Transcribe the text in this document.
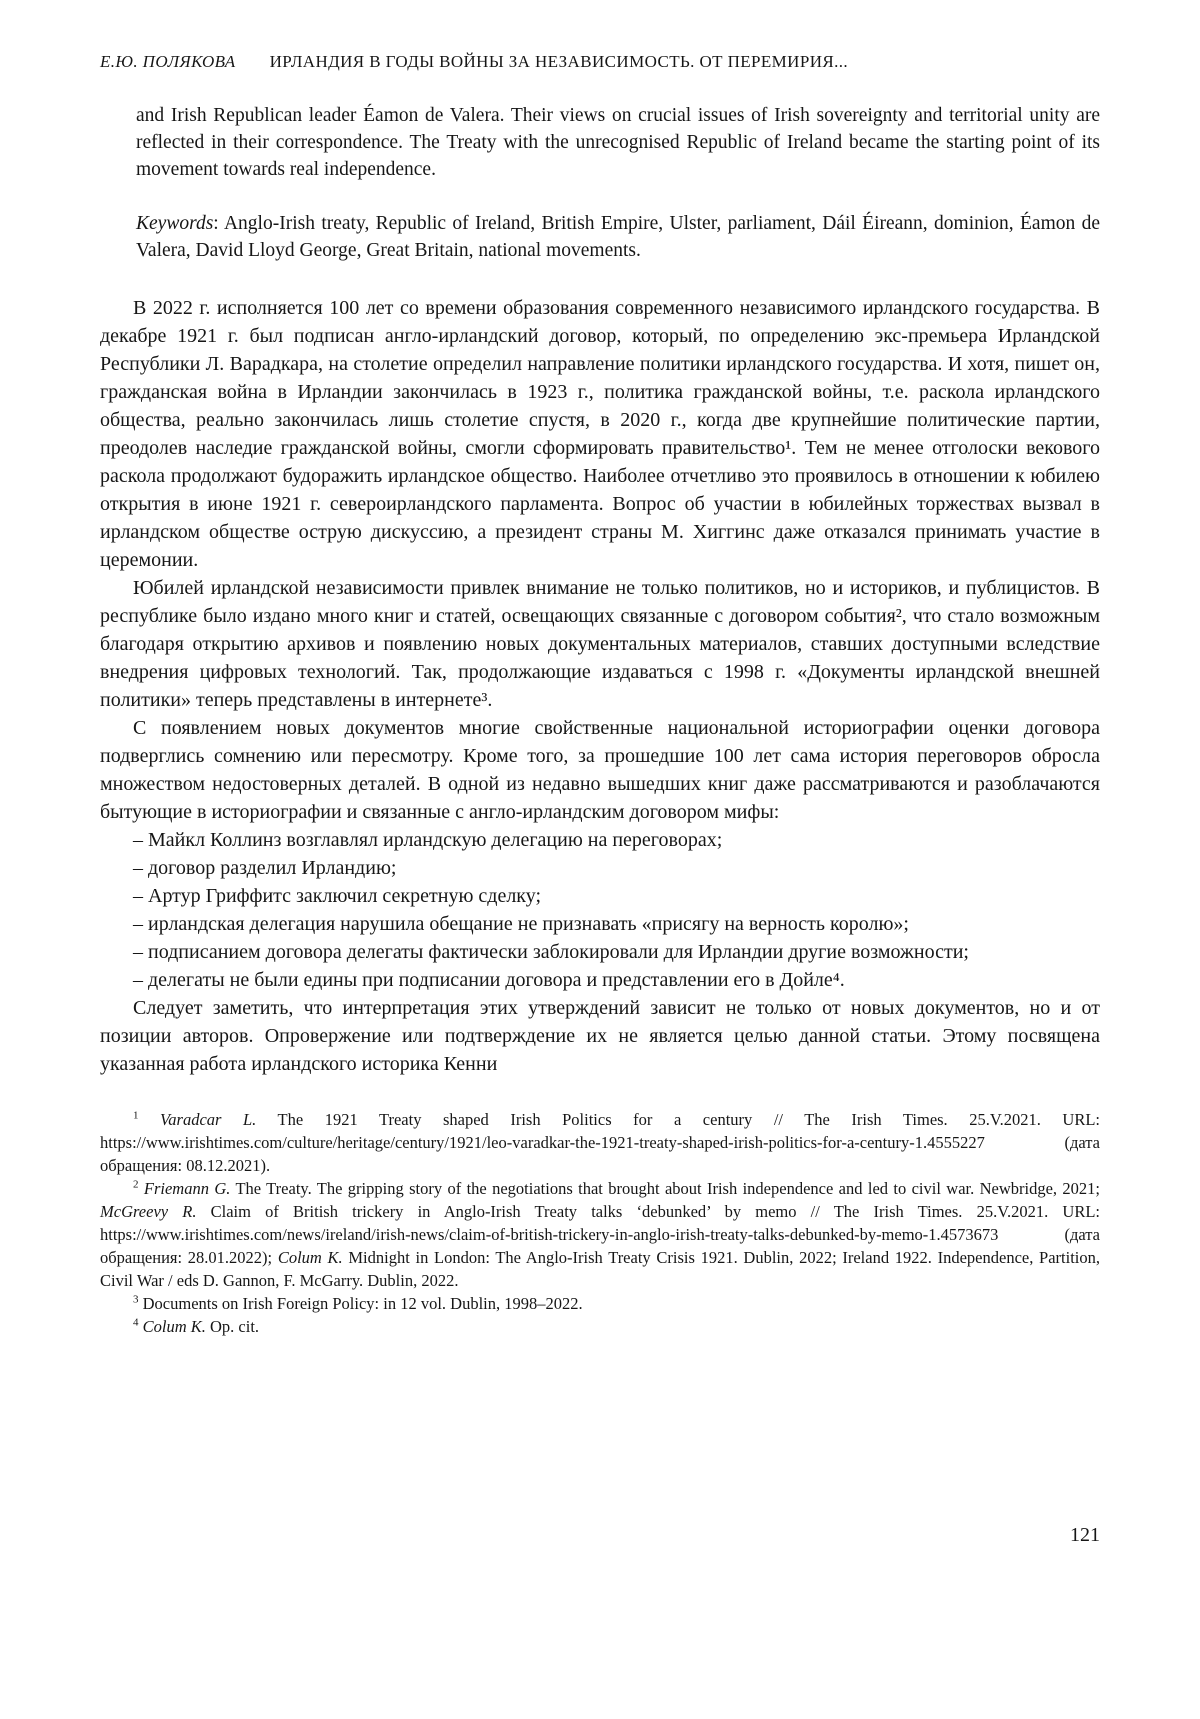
Е.Ю. ПОЛЯКОВА ИРЛАНДИЯ В ГОДЫ ВОЙНЫ ЗА НЕЗАВИСИМОСТЬ. ОТ ПЕРЕМИРИЯ...

and Irish Republican leader Éamon de Valera. Their views on crucial issues of Irish sovereignty and territorial unity are reflected in their correspondence. The Treaty with the unrecognised Republic of Ireland became the starting point of its movement towards real independence.

Keywords: Anglo-Irish treaty, Republic of Ireland, British Empire, Ulster, parliament, Dáil Éireann, dominion, Éamon de Valera, David Lloyd George, Great Britain, national movements.

В 2022 г. исполняется 100 лет со времени образования современного независимого ирландского государства. В декабре 1921 г. был подписан англо-ирландский договор, который, по определению экс-премьера Ирландской Республики Л. Варадкара, на столетие определил направление политики ирландского государства. И хотя, пишет он, гражданская война в Ирландии закончилась в 1923 г., политика гражданской войны, т.е. раскола ирландского общества, реально закончилась лишь столетие спустя, в 2020 г., когда две крупнейшие политические партии, преодолев наследие гражданской войны, смогли сформировать правительство¹. Тем не менее отголоски векового раскола продолжают будоражить ирландское общество. Наиболее отчетливо это проявилось в отношении к юбилею открытия в июне 1921 г. североирландского парламента. Вопрос об участии в юбилейных торжествах вызвал в ирландском обществе острую дискуссию, а президент страны М. Хиггинс даже отказался принимать участие в церемонии.

Юбилей ирландской независимости привлек внимание не только политиков, но и историков, и публицистов. В республике было издано много книг и статей, освещающих связанные с договором события², что стало возможным благодаря открытию архивов и появлению новых документальных материалов, ставших доступными вследствие внедрения цифровых технологий. Так, продолжающие издаваться с 1998 г. «Документы ирландской внешней политики» теперь представлены в интернете³.

С появлением новых документов многие свойственные национальной историографии оценки договора подверглись сомнению или пересмотру. Кроме того, за прошедшие 100 лет сама история переговоров обросла множеством недостоверных деталей. В одной из недавно вышедших книг даже рассматриваются и разоблачаются бытующие в историографии и связанные с англо-ирландским договором мифы:

– Майкл Коллинз возглавлял ирландскую делегацию на переговорах;

– договор разделил Ирландию;

– Артур Гриффитс заключил секретную сделку;

– ирландская делегация нарушила обещание не признавать «присягу на верность королю»;

– подписанием договора делегаты фактически заблокировали для Ирландии другие возможности;

– делегаты не были едины при подписании договора и представлении его в Дойле⁴.

Следует заметить, что интерпретация этих утверждений зависит не только от новых документов, но и от позиции авторов. Опровержение или подтверждение их не является целью данной статьи. Этому посвящена указанная работа ирландского историка Кенни

$^1$ Varadcar L. The 1921 Treaty shaped Irish Politics for a century // The Irish Times. 25.V.2021. URL: https://www.irishtimes.com/culture/heritage/century/1921/leo-varadkar-the-1921-treaty-shaped-irish-politics-for-a-century-1.4555227 (дата обращения: 08.12.2021).

$^2$ Friemann G. The Treaty. The gripping story of the negotiations that brought about Irish independence and led to civil war. Newbridge, 2021; McGreevy R. Claim of British trickery in Anglo-Irish Treaty talks ‘debunked’ by memo // The Irish Times. 25.V.2021. URL: https://www.irishtimes.com/news/ireland/irish-news/claim-of-british-trickery-in-anglo-irish-treaty-talks-debunked-by-memo-1.4573673 (дата обращения: 28.01.2022); Colum K. Midnight in London: The Anglo-Irish Treaty Crisis 1921. Dublin, 2022; Ireland 1922. Independence, Partition, Civil War / eds D. Gannon, F. McGarry. Dublin, 2022.

$^3$ Documents on Irish Foreign Policy: in 12 vol. Dublin, 1998–2022.

$^4$ Colum K. Op. cit.

121
